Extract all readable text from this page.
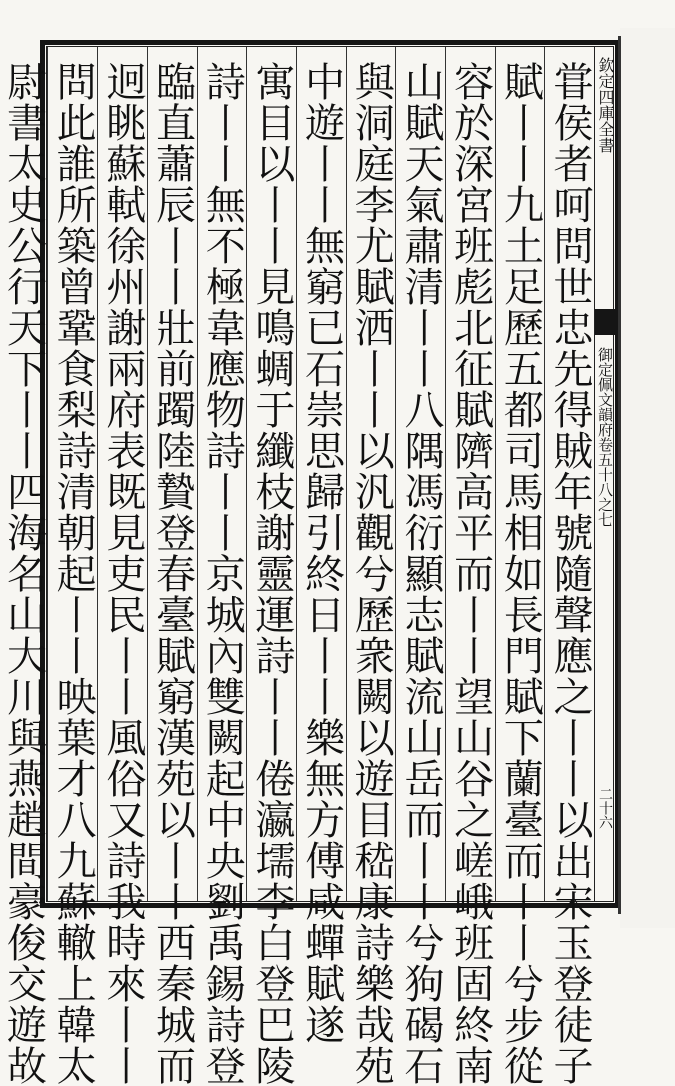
甞侯者呵問世忠先得賊年號隨聲應之丨丨以出宋玉登徒子
賦丨丨九土足歷五都司馬相如長門賦下蘭臺而丨丨兮步從
容於深宮班彪北征賦隮高平而丨丨望山谷之嵯峨班固終南
山賦天氣肅清丨丨八隅馮衍顯志賦流山岳而丨丨兮狗碣石
與洞庭李尤賦洒丨丨以汎觀兮歷衆闕以遊目嵇康詩樂哉苑
中遊丨丨無窮已石崇思歸引終日丨丨樂無方傅咸蟬賦遂
寓目以丨丨見鳴蜩于纖枝謝靈運詩丨丨倦瀛壖李白登巴陵
詩丨丨無不極韋應物詩丨丨京城內雙闕起中央劉禹錫詩登
臨直蕭辰丨丨壯前躅陸贄登春臺賦窮漢苑以丨丨西秦城而
迥眺蘇軾徐州謝兩府表既見吏民丨丨風俗又詩我時來丨丨
問此誰所築曾鞏食梨詩清朝起丨丨映葉才八九蘇轍上韓太
尉書太史公行天下丨丨四海名山大川與燕趙間豪俊交遊故	欽定四庫全書
御定佩文韻府卷五十八之七
二十六
